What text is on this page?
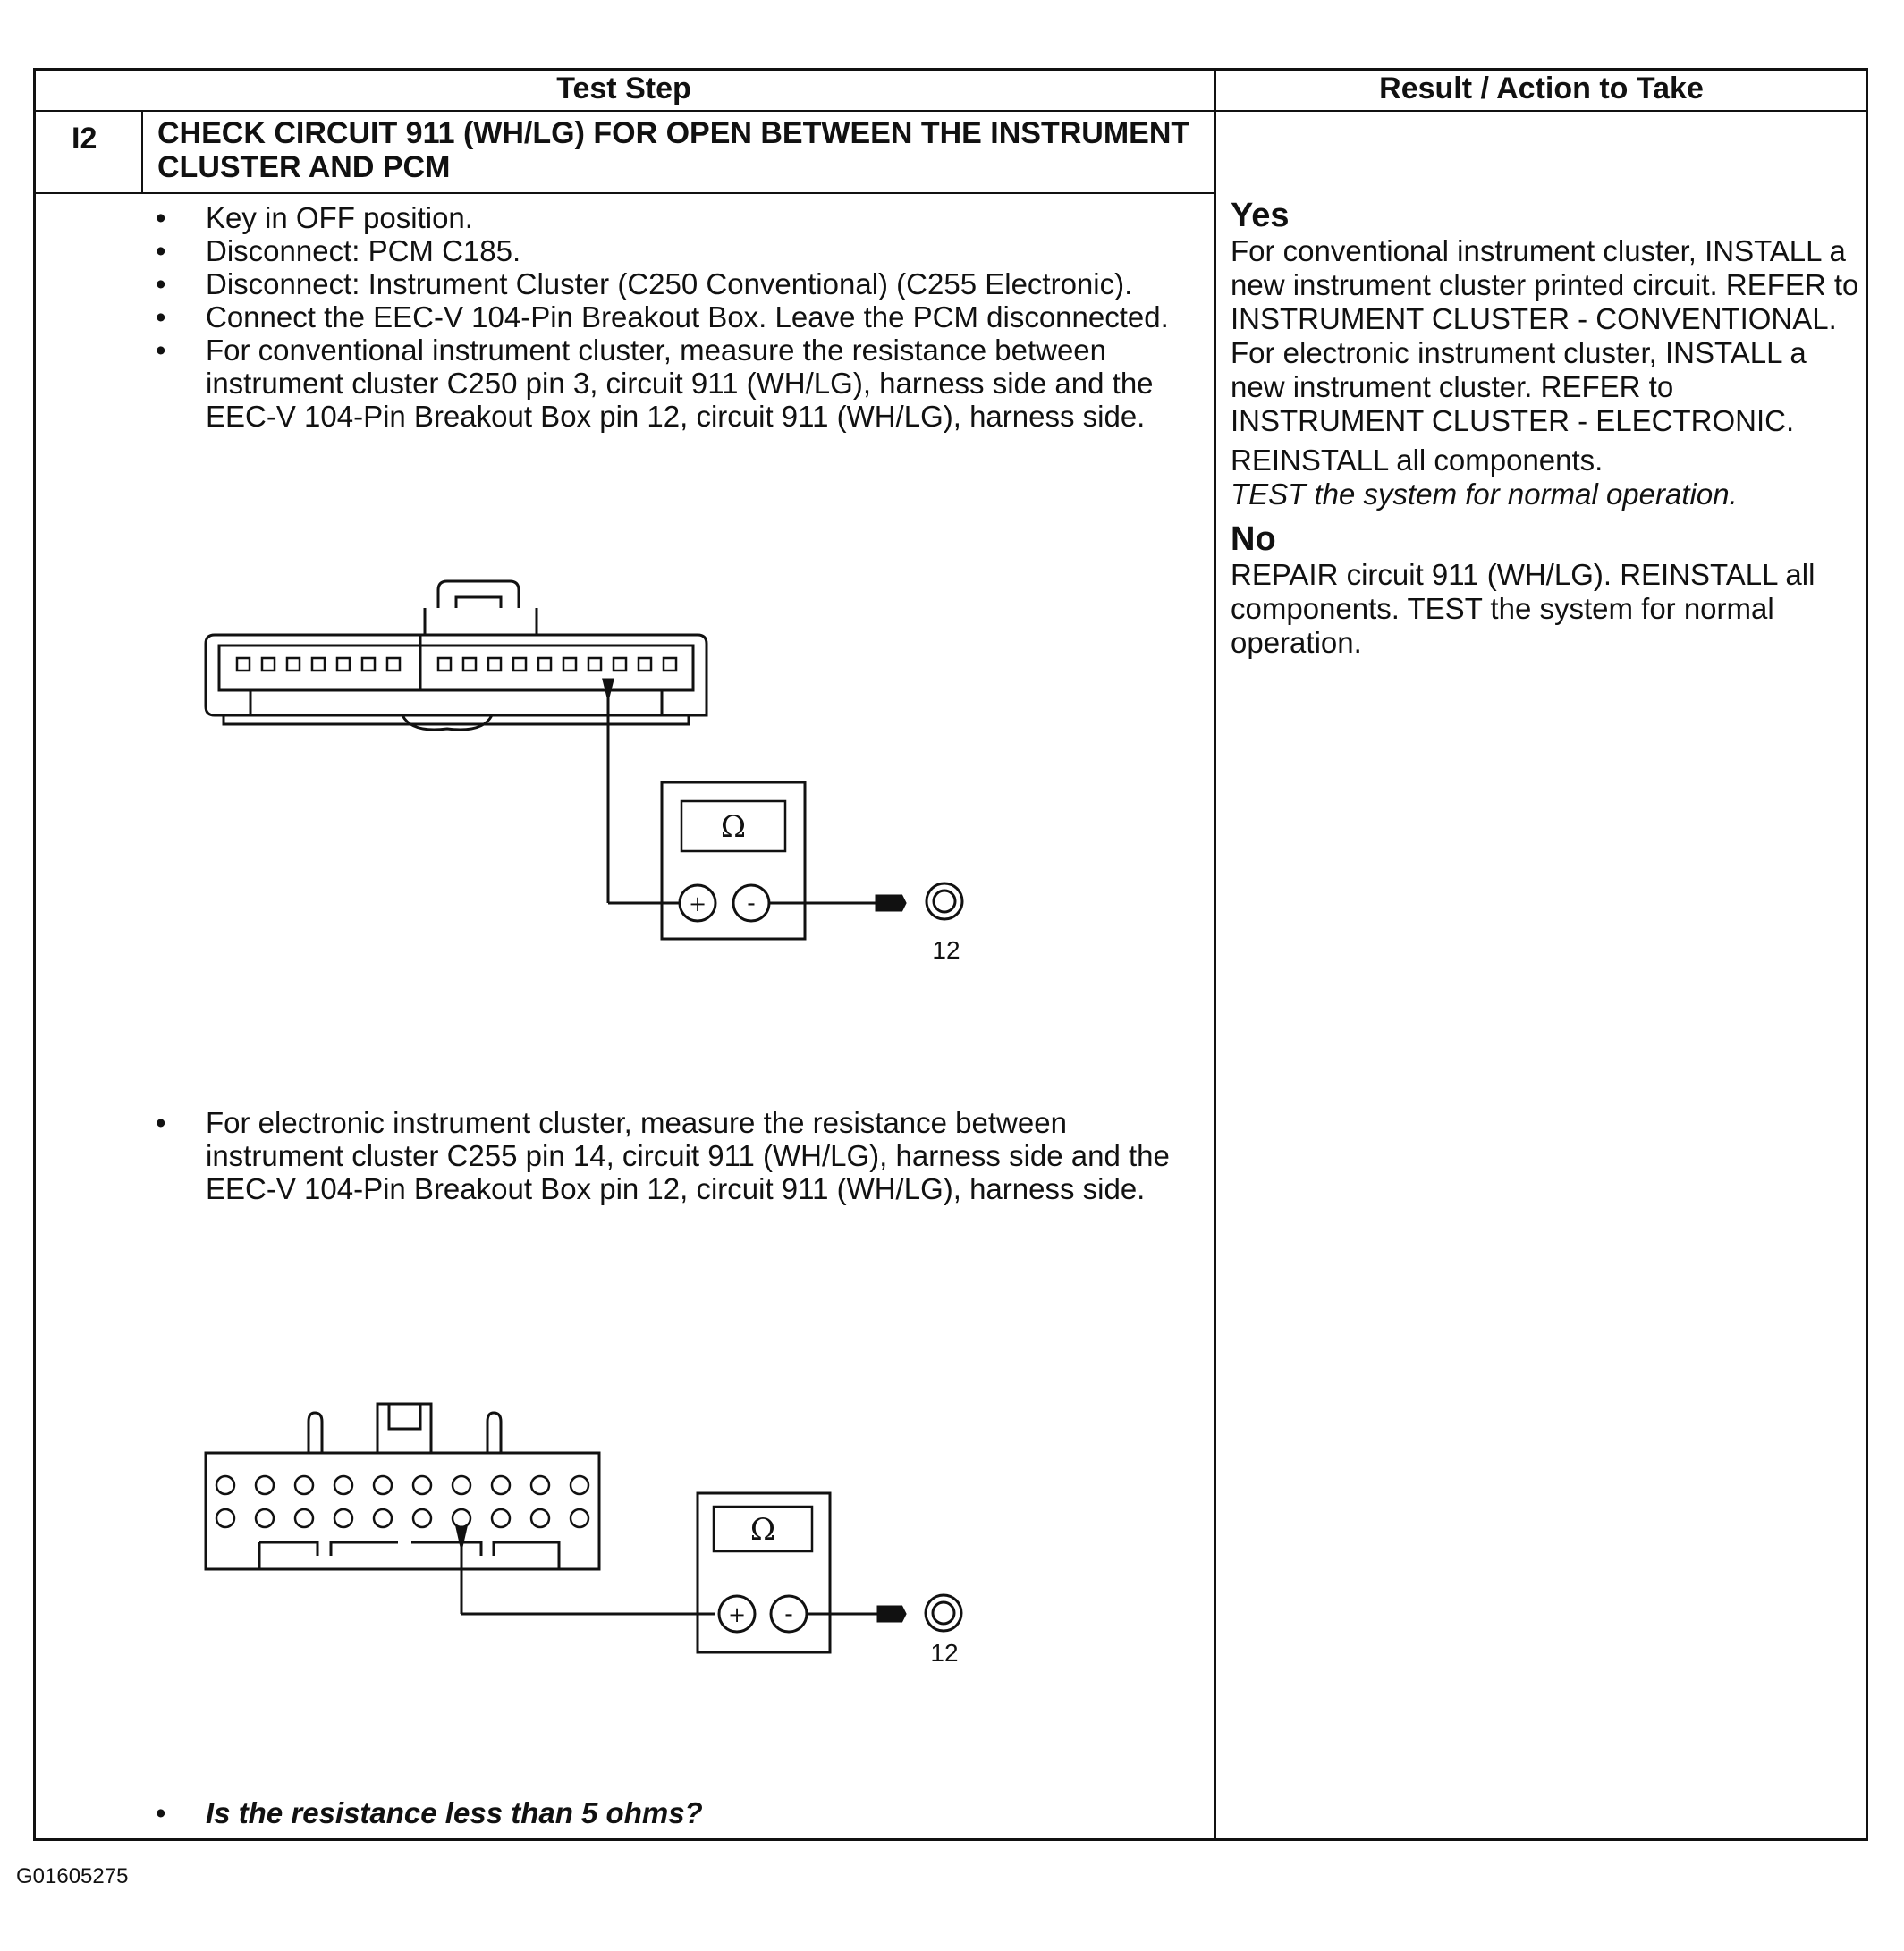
Test Step	Result / Action to Take
I2 CHECK CIRCUIT 911 (WH/LG) FOR OPEN BETWEEN THE INSTRUMENT CLUSTER AND PCM
• Key in OFF position.
• Disconnect: PCM C185.
• Disconnect: Instrument Cluster (C250 Conventional) (C255 Electronic).
• Connect the EEC-V 104-Pin Breakout Box. Leave the PCM disconnected.
• For conventional instrument cluster, measure the resistance between instrument cluster C250 pin 3, circuit 911 (WH/LG), harness side and the EEC-V 104-Pin Breakout Box pin 12, circuit 911 (WH/LG), harness side.
Ω
+ -
12
• For electronic instrument cluster, measure the resistance between instrument cluster C255 pin 14, circuit 911 (WH/LG), harness side and the EEC-V 104-Pin Breakout Box pin 12, circuit 911 (WH/LG), harness side.
Ω
+ -
12
• Is the resistance less than 5 ohms?
Yes
For conventional instrument cluster, INSTALL a new instrument cluster printed circuit. REFER to INSTRUMENT CLUSTER - CONVENTIONAL. For electronic instrument cluster, INSTALL a new instrument cluster. REFER to INSTRUMENT CLUSTER - ELECTRONIC.
REINSTALL all components.
TEST the system for normal operation.
No
REPAIR circuit 911 (WH/LG). REINSTALL all components. TEST the system for normal operation.
G01605275
